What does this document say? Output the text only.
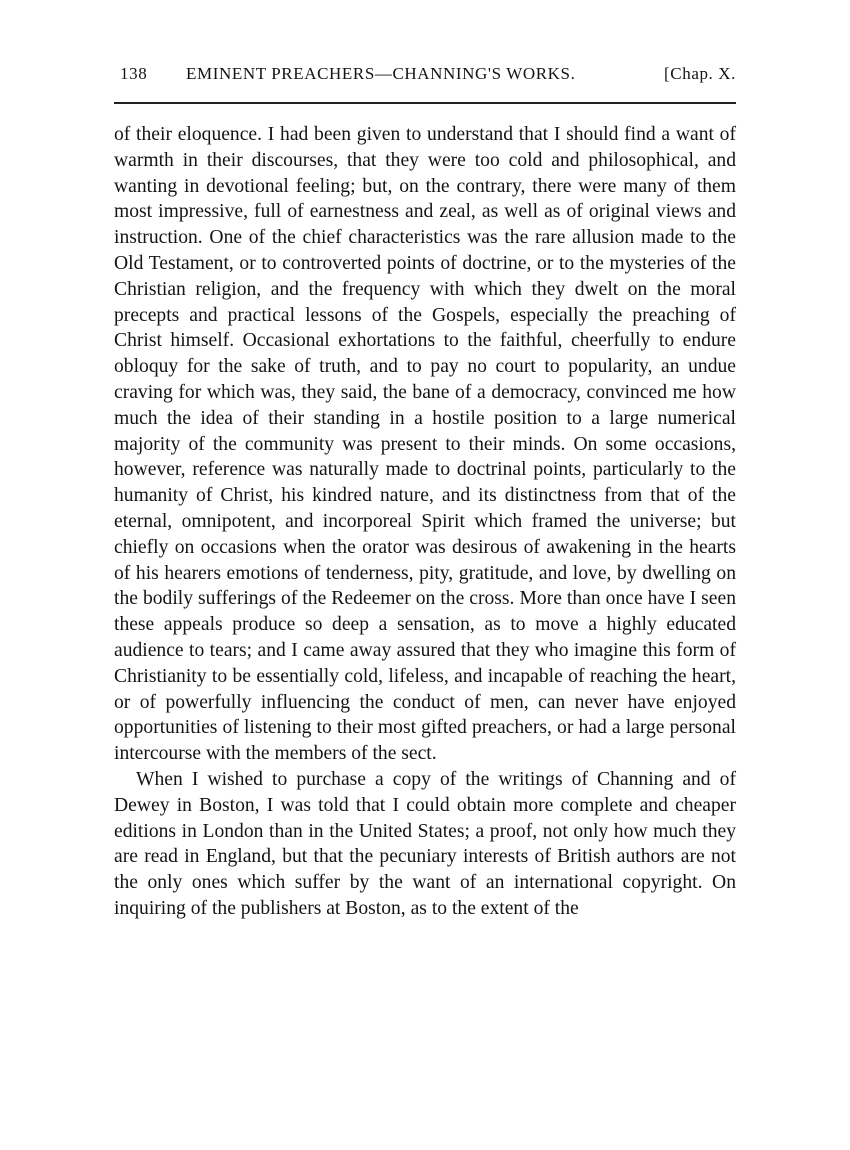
138 EMINENT PREACHERS—CHANNING'S WORKS.	[Chap. X.

of their eloquence. I had been given to understand that I should find a want of warmth in their discourses, that they were too cold and philosophical, and wanting in devotional feeling; but, on the contrary, there were many of them most impressive, full of earnestness and zeal, as well as of original views and instruction. One of the chief characteristics was the rare allusion made to the Old Testament, or to controverted points of doctrine, or to the mysteries of the Christian religion, and the frequency with which they dwelt on the moral precepts and practical lessons of the Gospels, especially the preaching of Christ himself. Occasional exhortations to the faithful, cheerfully to endure obloquy for the sake of truth, and to pay no court to popularity, an undue craving for which was, they said, the bane of a democracy, convinced me how much the idea of their standing in a hostile position to a large numerical majority of the community was present to their minds. On some occasions, however, reference was naturally made to doctrinal points, particularly to the humanity of Christ, his kindred nature, and its distinctness from that of the eternal, omnipotent, and incorporeal Spirit which framed the universe; but chiefly on occasions when the orator was desirous of awakening in the hearts of his hearers emotions of tenderness, pity, gratitude, and love, by dwelling on the bodily sufferings of the Redeemer on the cross. More than once have I seen these appeals produce so deep a sensation, as to move a highly educated audience to tears; and I came away assured that they who imagine this form of Christianity to be essentially cold, lifeless, and incapable of reaching the heart, or of powerfully influencing the conduct of men, can never have enjoyed opportunities of listening to their most gifted preachers, or had a large personal intercourse with the members of the sect.

When I wished to purchase a copy of the writings of Channing and of Dewey in Boston, I was told that I could obtain more complete and cheaper editions in London than in the United States; a proof, not only how much they are read in England, but that the pecuniary interests of British authors are not the only ones which suffer by the want of an international copyright. On inquiring of the publishers at Boston, as to the extent of the
